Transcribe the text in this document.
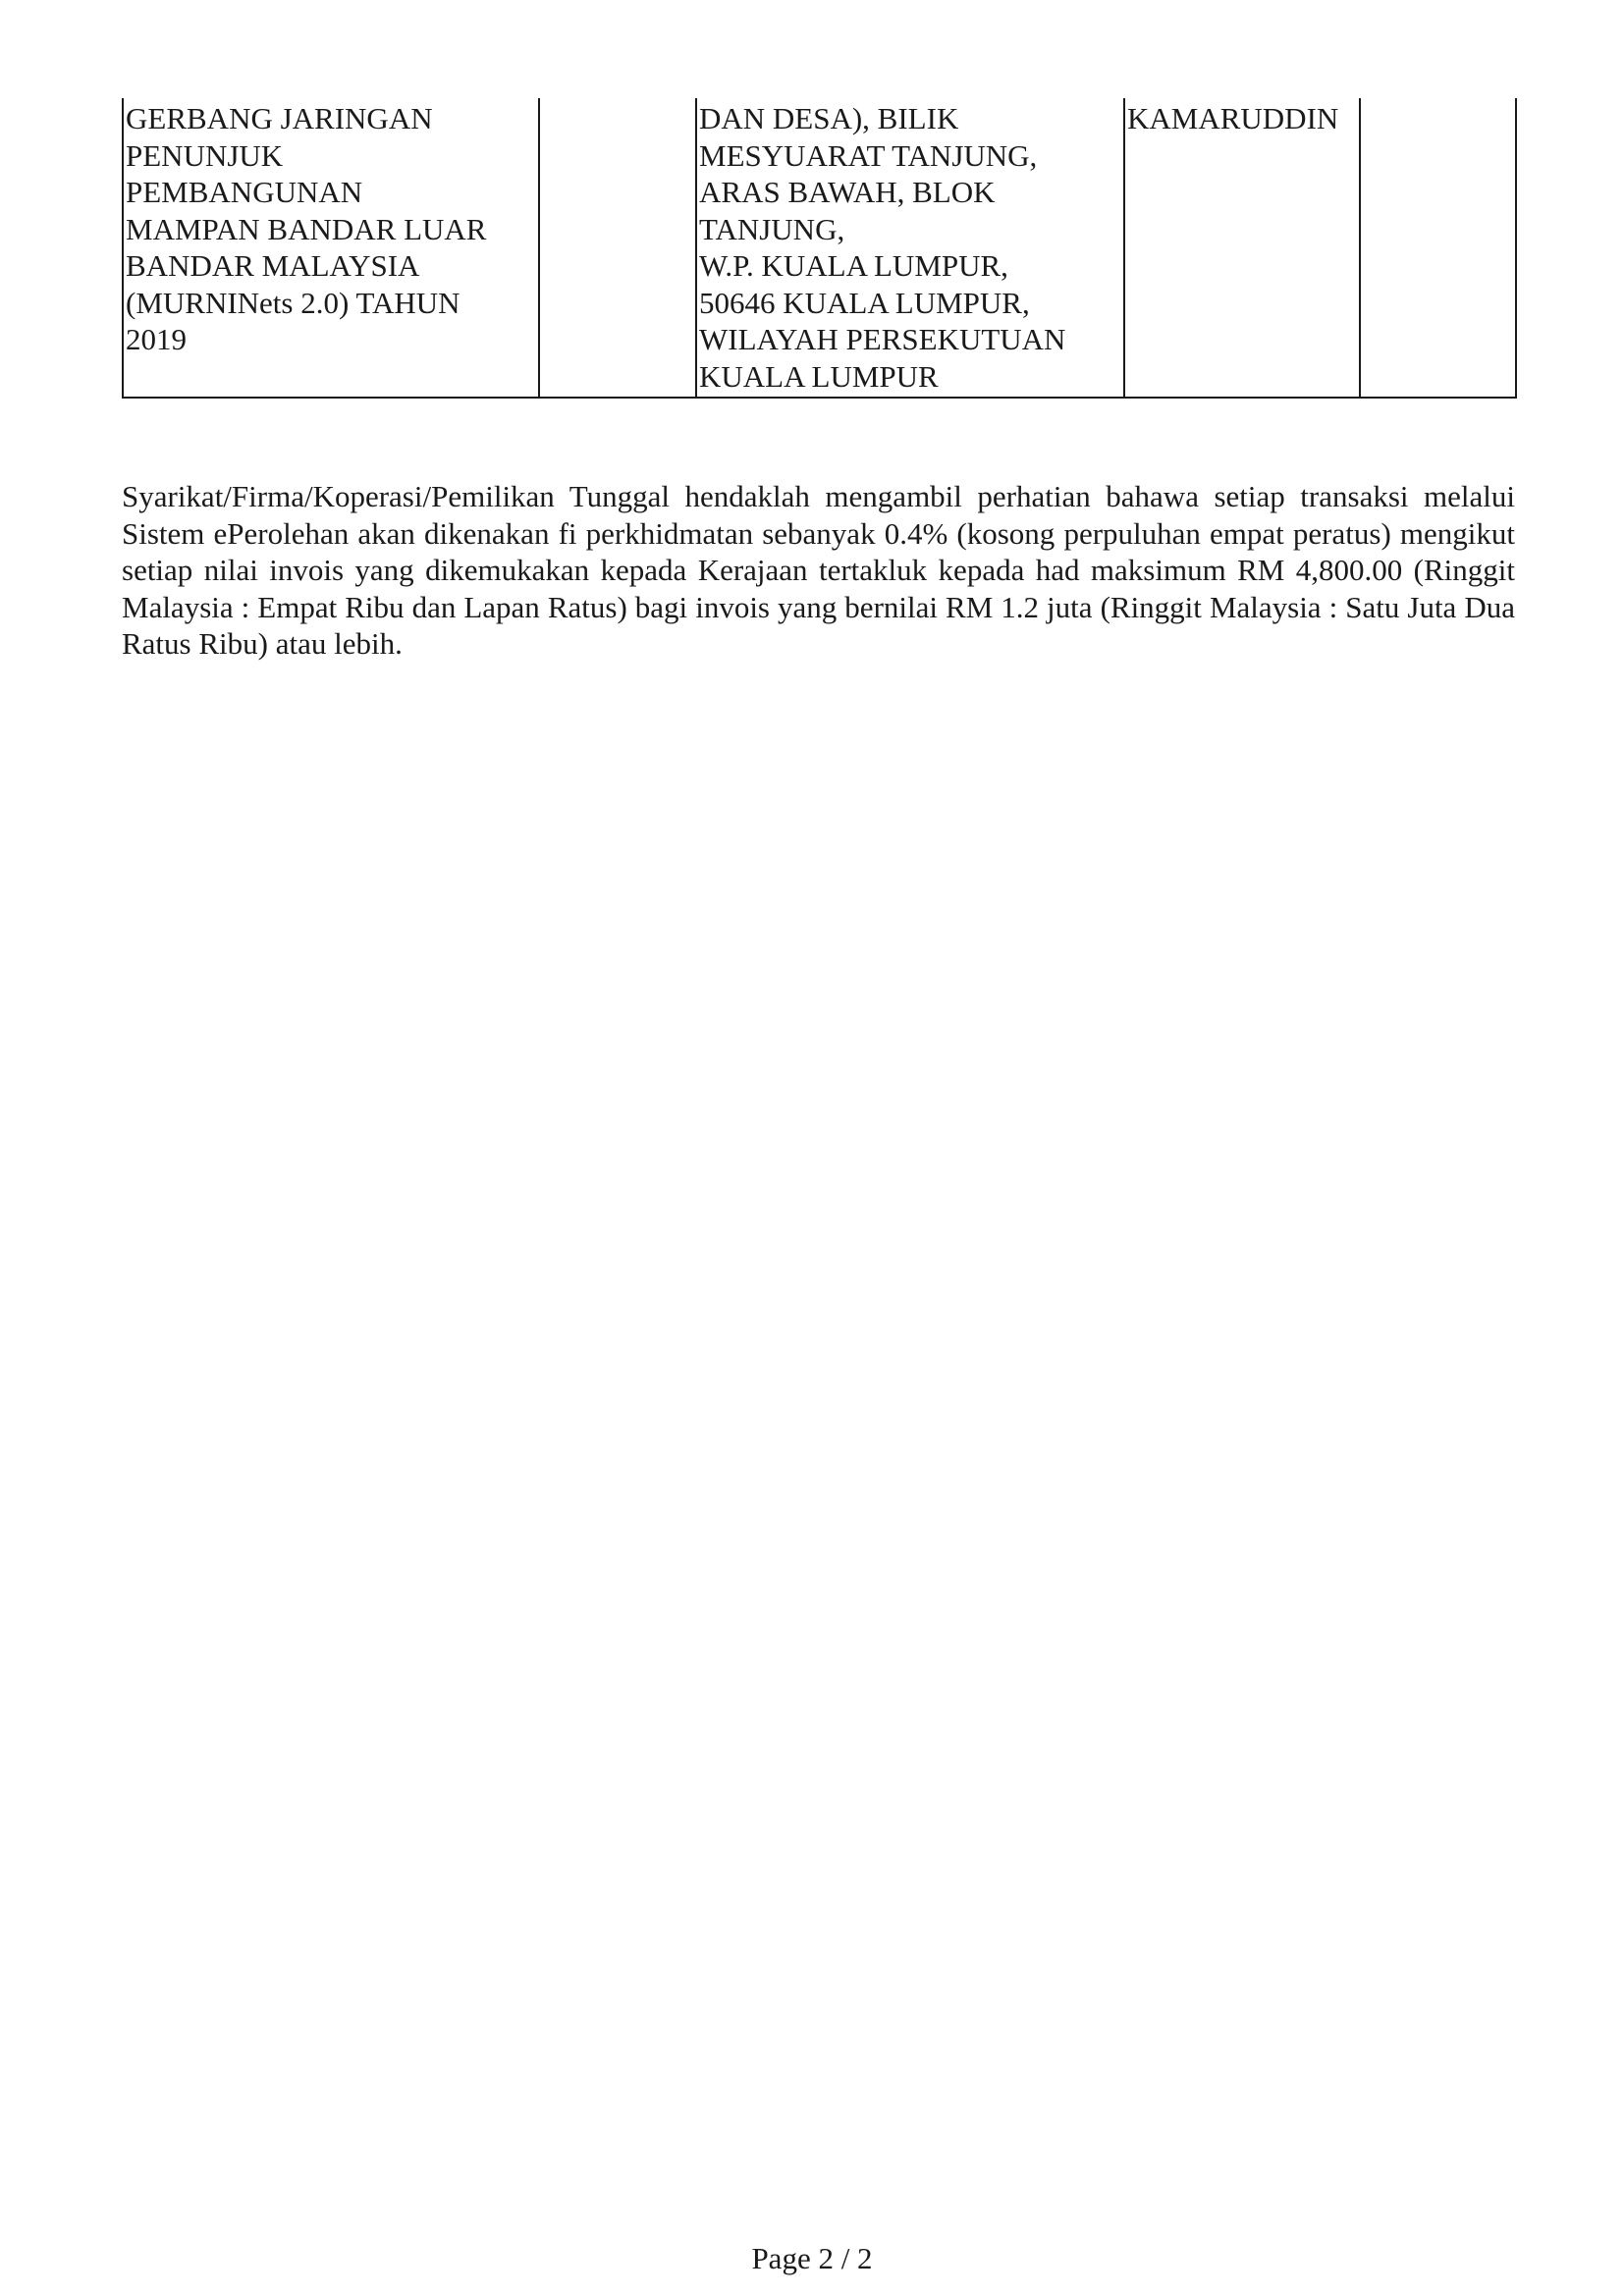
GERBANG JARINGAN
PENUNJUK
PEMBANGUNAN
MAMPAN BANDAR LUAR
BANDAR MALAYSIA
(MURNINets 2.0) TAHUN
2019		DAN DESA), BILIK
MESYUARAT TANJUNG,
ARAS BAWAH, BLOK
TANJUNG,
W.P. KUALA LUMPUR,
50646 KUALA LUMPUR,
WILAYAH PERSEKUTUAN
KUALA LUMPUR	KAMARUDDIN	

Syarikat/Firma/Koperasi/Pemilikan Tunggal hendaklah mengambil perhatian bahawa setiap transaksi melalui Sistem ePerolehan akan dikenakan fi perkhidmatan sebanyak 0.4% (kosong perpuluhan empat peratus) mengikut setiap nilai invois yang dikemukakan kepada Kerajaan tertakluk kepada had maksimum RM 4,800.00 (Ringgit Malaysia : Empat Ribu dan Lapan Ratus) bagi invois yang bernilai RM 1.2 juta (Ringgit Malaysia : Satu Juta Dua Ratus Ribu) atau lebih.

Page 2 / 2
